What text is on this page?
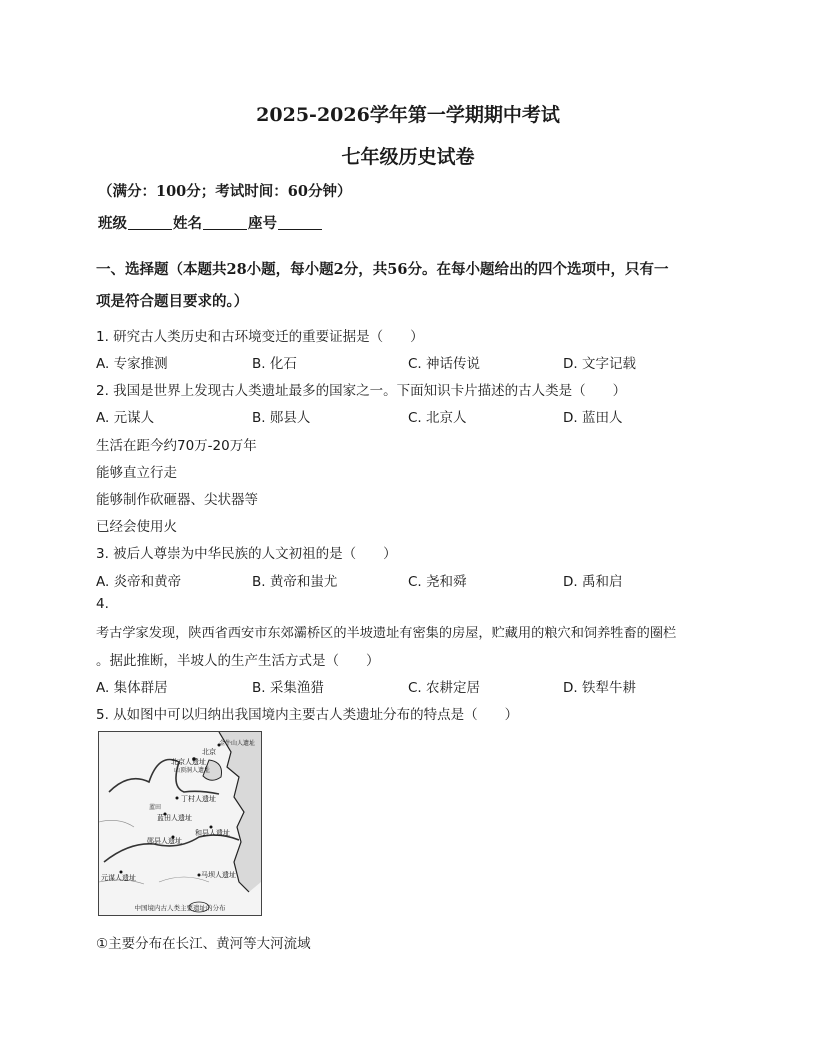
2025-2026学年第一学期期中考试
七年级历史试卷
（满分：100分；考试时间：60分钟）
班级	姓名	座号
一、选择题（本题共28小题，每小题2分，共56分。在每小题给出的四个选项中，只有一
项是符合题目要求的。）
1. 研究古人类历史和古环境变迁的重要证据是（　　）
A. 专家推测	B. 化石	C. 神话传说	D. 文字记载
2. 我国是世界上发现古人类遗址最多的国家之一。下面知识卡片描述的古人类是（　　）
A. 元谋人	B. 郧县人	C. 北京人	D. 蓝田人
生活在距今约70万-20万年
能够直立行走
能够制作砍砸器、尖状器等
已经会使用火
3. 被后人尊崇为中华民族的人文初祖的是（　　）
A. 炎帝和黄帝	B. 黄帝和蚩尤	C. 尧和舜	D. 禹和启
4.
考古学家发现，陕西省西安市东郊灞桥区的半坡遗址有密集的房屋，贮藏用的粮穴和饲养牲畜的圈栏
。据此推断，半坡人的生产生活方式是（　　）
A. 集体群居	B. 采集渔猎	C. 农耕定居	D. 铁犁牛耕
5. 从如图中可以归纳出我国境内主要古人类遗址分布的特点是（　　）
北京
北京人遗址
山顶洞人遗址
金牛山人遗址
丁村人遗址
蓝田
蓝田人遗址
郧县人遗址
和县人遗址
元谋人遗址	马坝人遗址
中国境内古人类主要遗址的分布
①主要分布在长江、黄河等大河流域
